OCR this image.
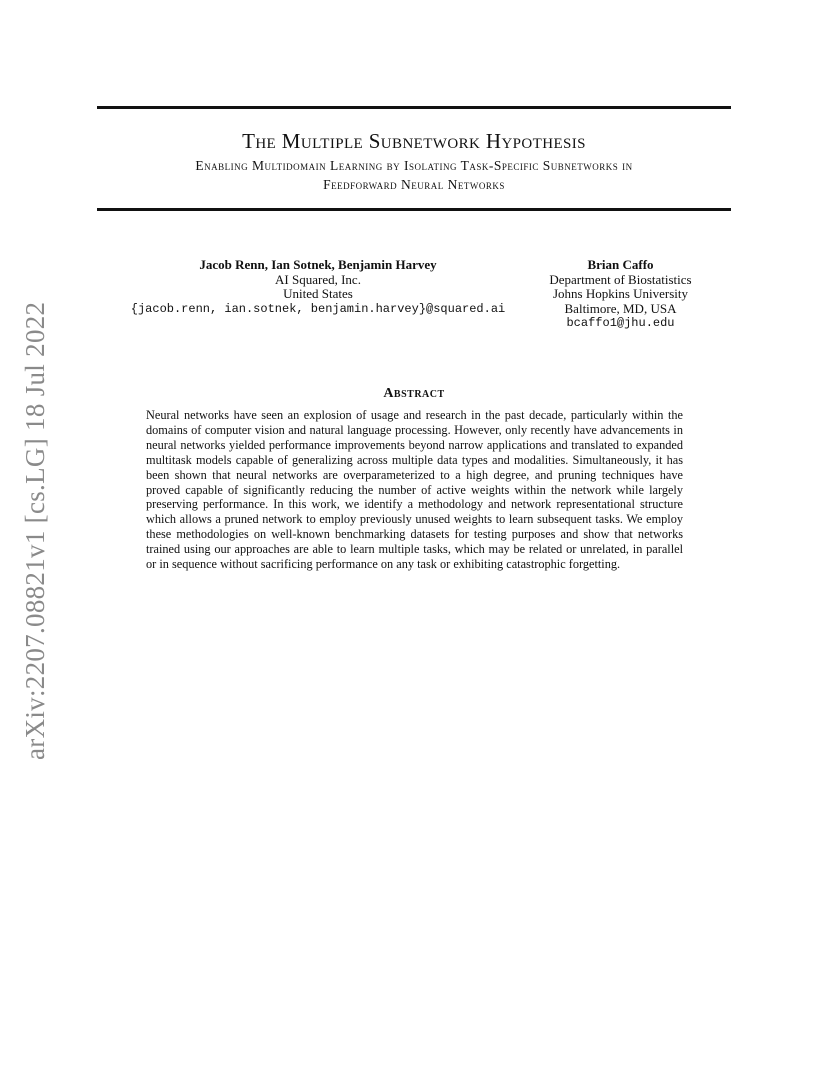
The Multiple Subnetwork Hypothesis
Enabling Multidomain Learning by Isolating Task-Specific Subnetworks in
Feedforward Neural Networks
Jacob Renn, Ian Sotnek, Benjamin Harvey
AI Squared, Inc.
United States
{jacob.renn, ian.sotnek, benjamin.harvey}@squared.ai
Brian Caffo
Department of Biostatistics
Johns Hopkins University
Baltimore, MD, USA
bcaffo1@jhu.edu
Abstract
Neural networks have seen an explosion of usage and research in the past decade, particularly within the domains of computer vision and natural language processing. However, only recently have advancements in neural networks yielded performance improvements beyond narrow applications and translated to expanded multitask models capable of generalizing across multiple data types and modalities. Simultaneously, it has been shown that neural networks are overparameterized to a high degree, and pruning techniques have proved capable of significantly reducing the number of active weights within the network while largely preserving performance. In this work, we identify a methodology and network representational structure which allows a pruned network to employ previously unused weights to learn subsequent tasks. We employ these methodologies on well-known benchmarking datasets for testing purposes and show that networks trained using our approaches are able to learn multiple tasks, which may be related or unrelated, in parallel or in sequence without sacrificing performance on any task or exhibiting catastrophic forgetting.
arXiv:2207.08821v1 [cs.LG] 18 Jul 2022
